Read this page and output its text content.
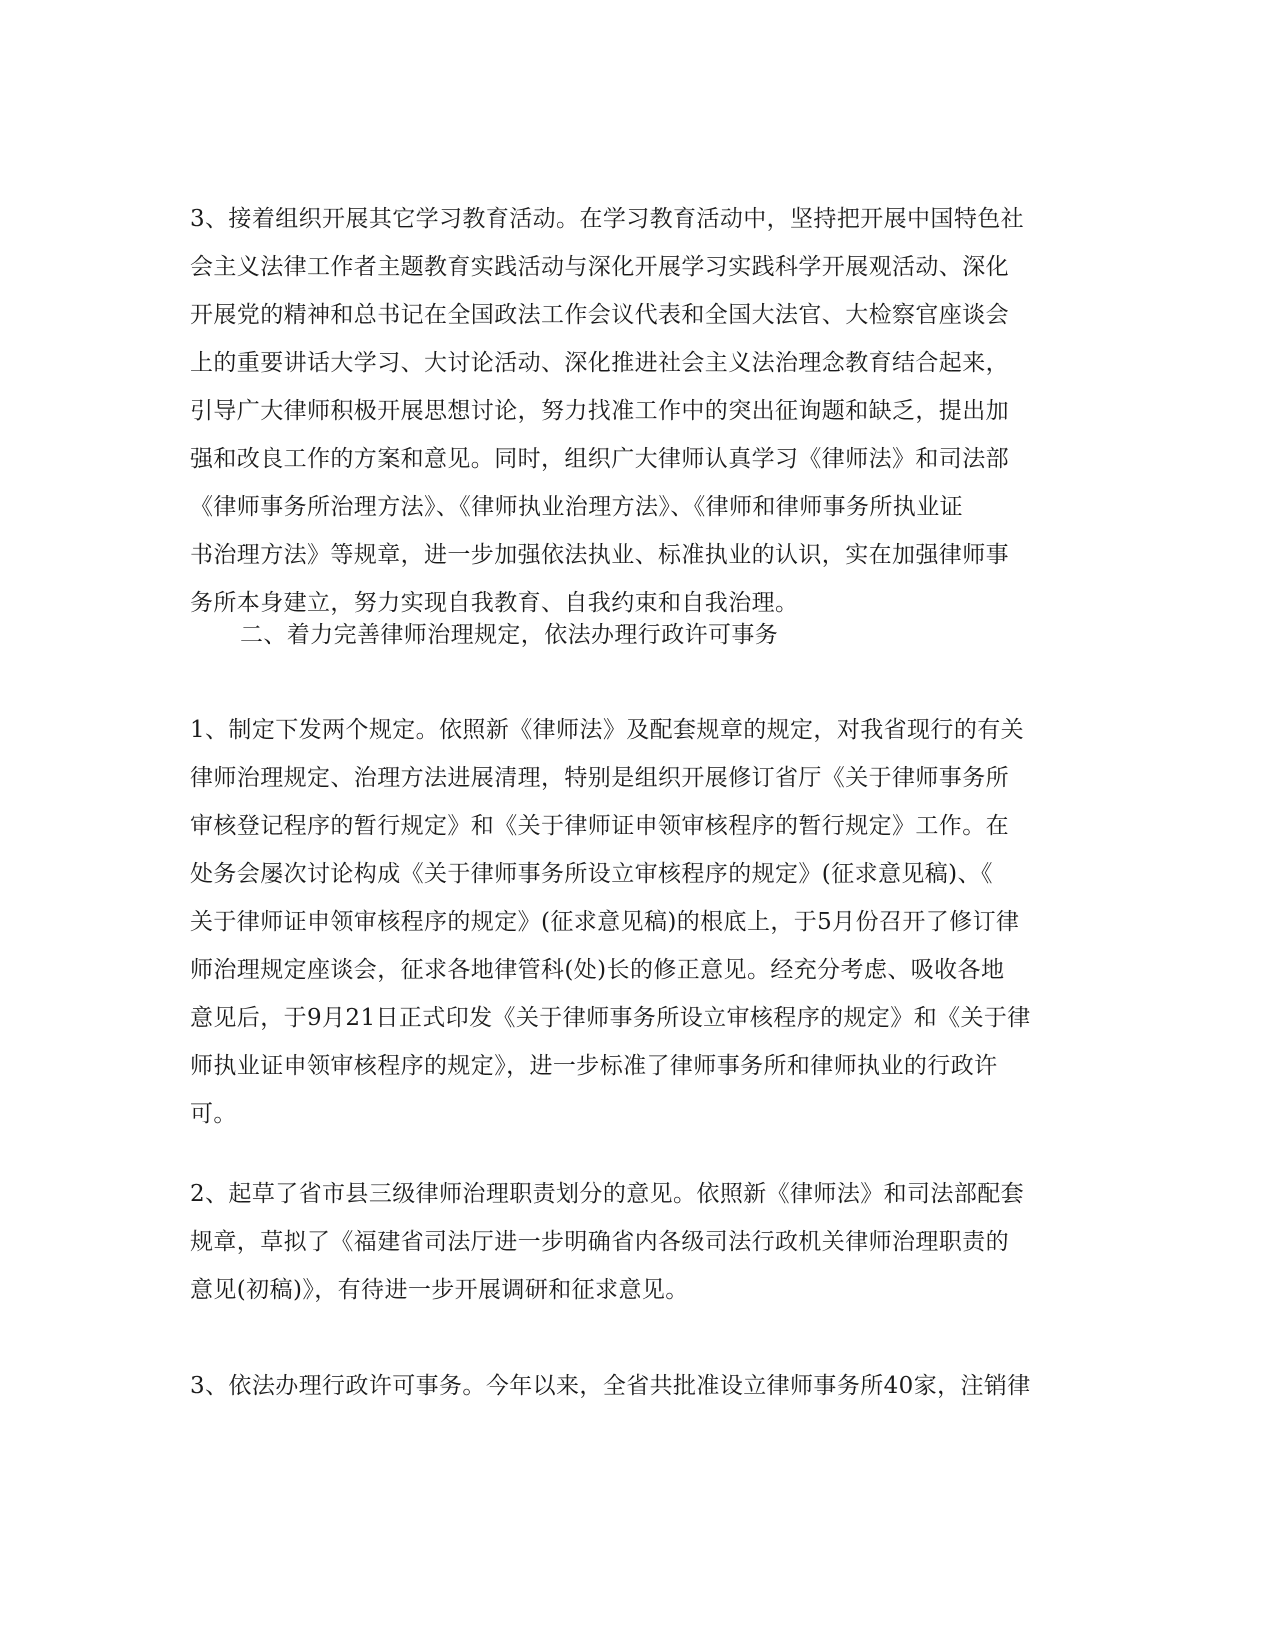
3、接着组织开展其它学习教育活动。在学习教育活动中，坚持把开展中国特色社
会主义法律工作者主题教育实践活动与深化开展学习实践科学开展观活动、深化
开展党的精神和总书记在全国政法工作会议代表和全国大法官、大检察官座谈会
上的重要讲话大学习、大讨论活动、深化推进社会主义法治理念教育结合起来，
引导广大律师积极开展思想讨论，努力找准工作中的突出征询题和缺乏，提出加
强和改良工作的方案和意见。同时，组织广大律师认真学习《律师法》和司法部
《律师事务所治理方法》、《律师执业治理方法》、《律师和律师事务所执业证
书治理方法》等规章，进一步加强依法执业、标准执业的认识，实在加强律师事
务所本身建立，努力实现自我教育、自我约束和自我治理。
二、着力完善律师治理规定，依法办理行政许可事务
1、制定下发两个规定。依照新《律师法》及配套规章的规定，对我省现行的有关
律师治理规定、治理方法进展清理，特别是组织开展修订省厅《关于律师事务所
审核登记程序的暂行规定》和《关于律师证申领审核程序的暂行规定》工作。在
处务会屡次讨论构成《关于律师事务所设立审核程序的规定》(征求意见稿)、《
关于律师证申领审核程序的规定》(征求意见稿)的根底上，于5月份召开了修订律
师治理规定座谈会，征求各地律管科(处)长的修正意见。经充分考虑、吸收各地
意见后，于9月21日正式印发《关于律师事务所设立审核程序的规定》和《关于律
师执业证申领审核程序的规定》，进一步标准了律师事务所和律师执业的行政许
可。
2、起草了省市县三级律师治理职责划分的意见。依照新《律师法》和司法部配套
规章，草拟了《福建省司法厅进一步明确省内各级司法行政机关律师治理职责的
意见(初稿)》，有待进一步开展调研和征求意见。
3、依法办理行政许可事务。今年以来，全省共批准设立律师事务所40家，注销律
